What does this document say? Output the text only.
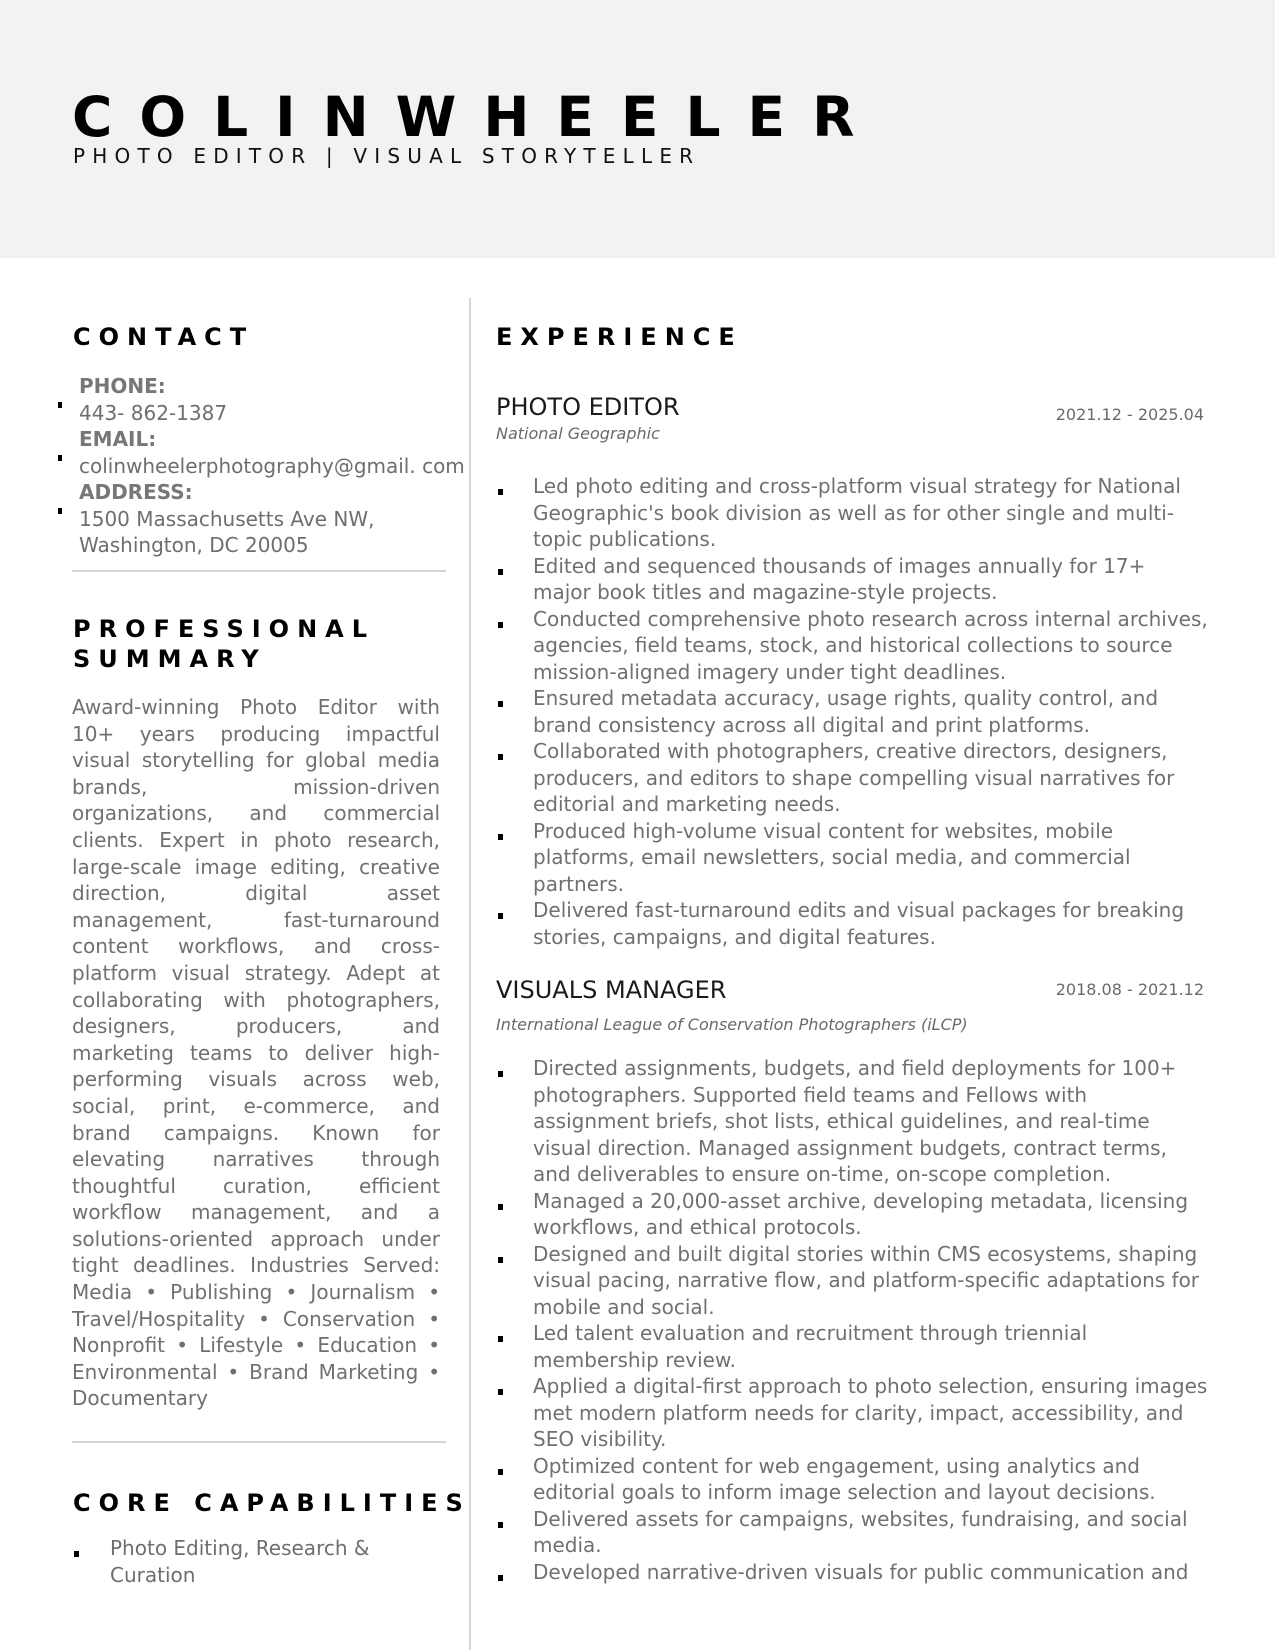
COLINWHEELER
PHOTO EDITOR | VISUAL STORYTELLER
CONTACT
PHONE:
443- 862-1387
EMAIL:
colinwheelerphotography@gmail. com
ADDRESS:
1500 Massachusetts Ave NW,
Washington, DC 20005
PROFESSIONAL
SUMMARY
Award-winning Photo Editor with 10+ years producing impactful visual storytelling for global media brands, mission-driven organizations, and commercial clients. Expert in photo research, large-scale image editing, creative direction, digital asset management, fast-turnaround content workflows, and cross-platform visual strategy. Adept at collaborating with photographers, designers, producers, and marketing teams to deliver high-performing visuals across web, social, print, e-commerce, and brand campaigns. Known for elevating narratives through thoughtful curation, efficient workflow management, and a solutions-oriented approach under tight deadlines. Industries Served: Media • Publishing • Journalism • Travel/Hospitality • Conservation • Nonprofit • Lifestyle • Education • Environmental • Brand Marketing • Documentary
CORE CAPABILITIES
Photo Editing, Research & Curation
EXPERIENCE
PHOTO EDITOR	2021.12 - 2025.04
National Geographic
Led photo editing and cross-platform visual strategy for National Geographic's book division as well as for other single and multi-topic publications.
Edited and sequenced thousands of images annually for 17+ major book titles and magazine-style projects.
Conducted comprehensive photo research across internal archives, agencies, field teams, stock, and historical collections to source mission-aligned imagery under tight deadlines.
Ensured metadata accuracy, usage rights, quality control, and brand consistency across all digital and print platforms.
Collaborated with photographers, creative directors, designers, producers, and editors to shape compelling visual narratives for editorial and marketing needs.
Produced high-volume visual content for websites, mobile platforms, email newsletters, social media, and commercial partners.
Delivered fast-turnaround edits and visual packages for breaking stories, campaigns, and digital features.
VISUALS MANAGER	2018.08 - 2021.12
International League of Conservation Photographers (iLCP)
Directed assignments, budgets, and field deployments for 100+ photographers. Supported field teams and Fellows with assignment briefs, shot lists, ethical guidelines, and real-time visual direction. Managed assignment budgets, contract terms, and deliverables to ensure on-time, on-scope completion.
Managed a 20,000-asset archive, developing metadata, licensing workflows, and ethical protocols.
Designed and built digital stories within CMS ecosystems, shaping visual pacing, narrative flow, and platform-specific adaptations for mobile and social.
Led talent evaluation and recruitment through triennial membership review.
Applied a digital-first approach to photo selection, ensuring images met modern platform needs for clarity, impact, accessibility, and SEO visibility.
Optimized content for web engagement, using analytics and editorial goals to inform image selection and layout decisions.
Delivered assets for campaigns, websites, fundraising, and social media.
Developed narrative-driven visuals for public communication and
